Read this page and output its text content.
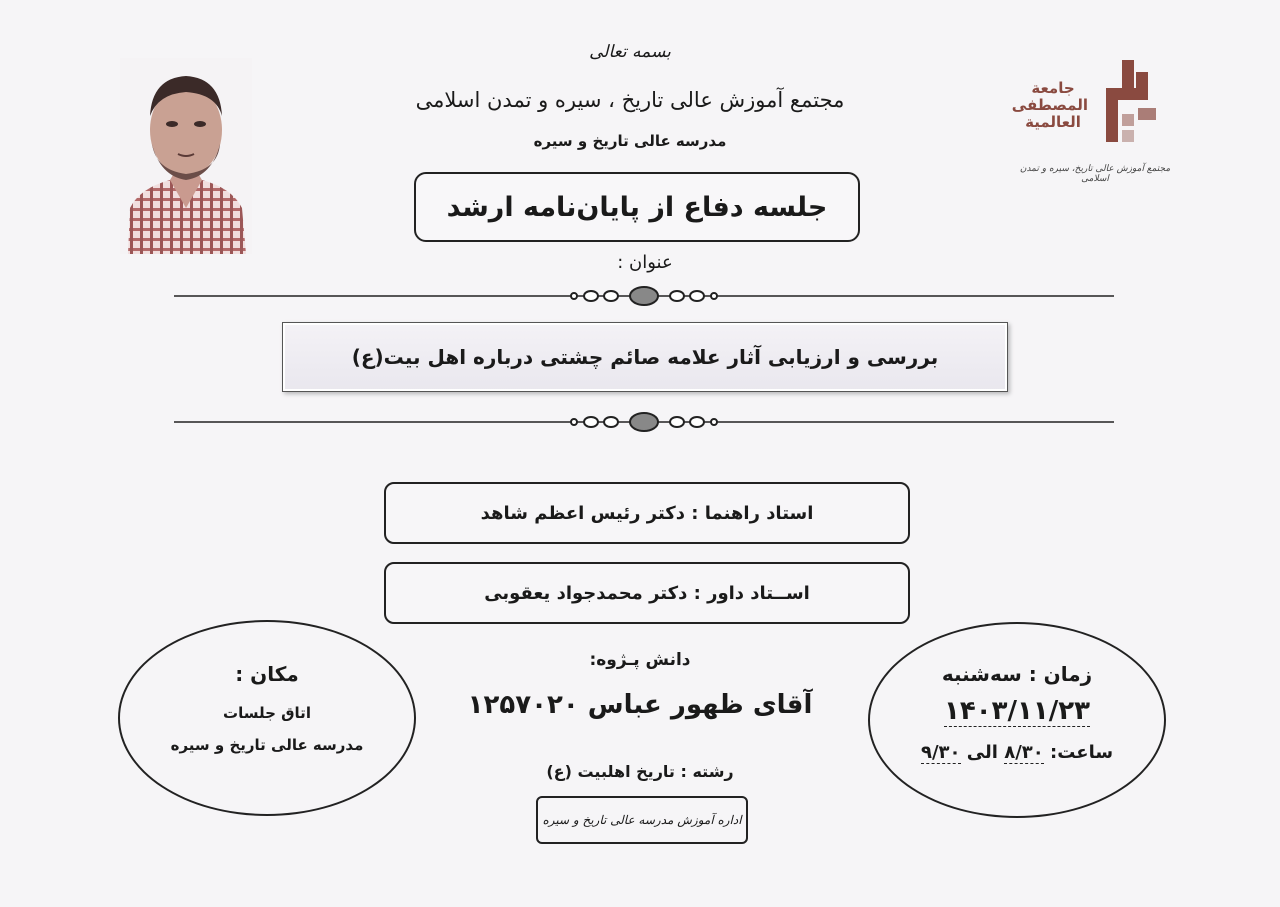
بسمه تعالی
مجتمع آموزش عالی تاریخ ، سیره و تمدن اسلامی
مدرسه عالی تاریخ و سیره
جامعة المصطفی العالمیة
مجتمع آموزش عالی تاریخ، سیره و تمدن اسلامی
جلسه دفاع از پایان‌نامه ارشد
عنوان :
بررسی و ارزیابی آثار علامه صائم چشتی درباره اهل بیت(ع)
استاد راهنما : دکتر رئیس اعظم شاهد
اســتاد داور : دکتر محمدجواد یعقوبی
مکان :
اتاق جلسات
مدرسه عالی تاریخ و سیره
زمان : سه‌شنبه
۱۴۰۳/۱۱/۲۳
ساعت: ۸/۳۰ الی ۹/۳۰
دانش پـژوه:
آقای ظهور عباس ۱۲۵۷۰۲۰
رشته : تاریخ اهلبیت (ع)
اداره آموزش مدرسه عالی تاریخ و سیره
